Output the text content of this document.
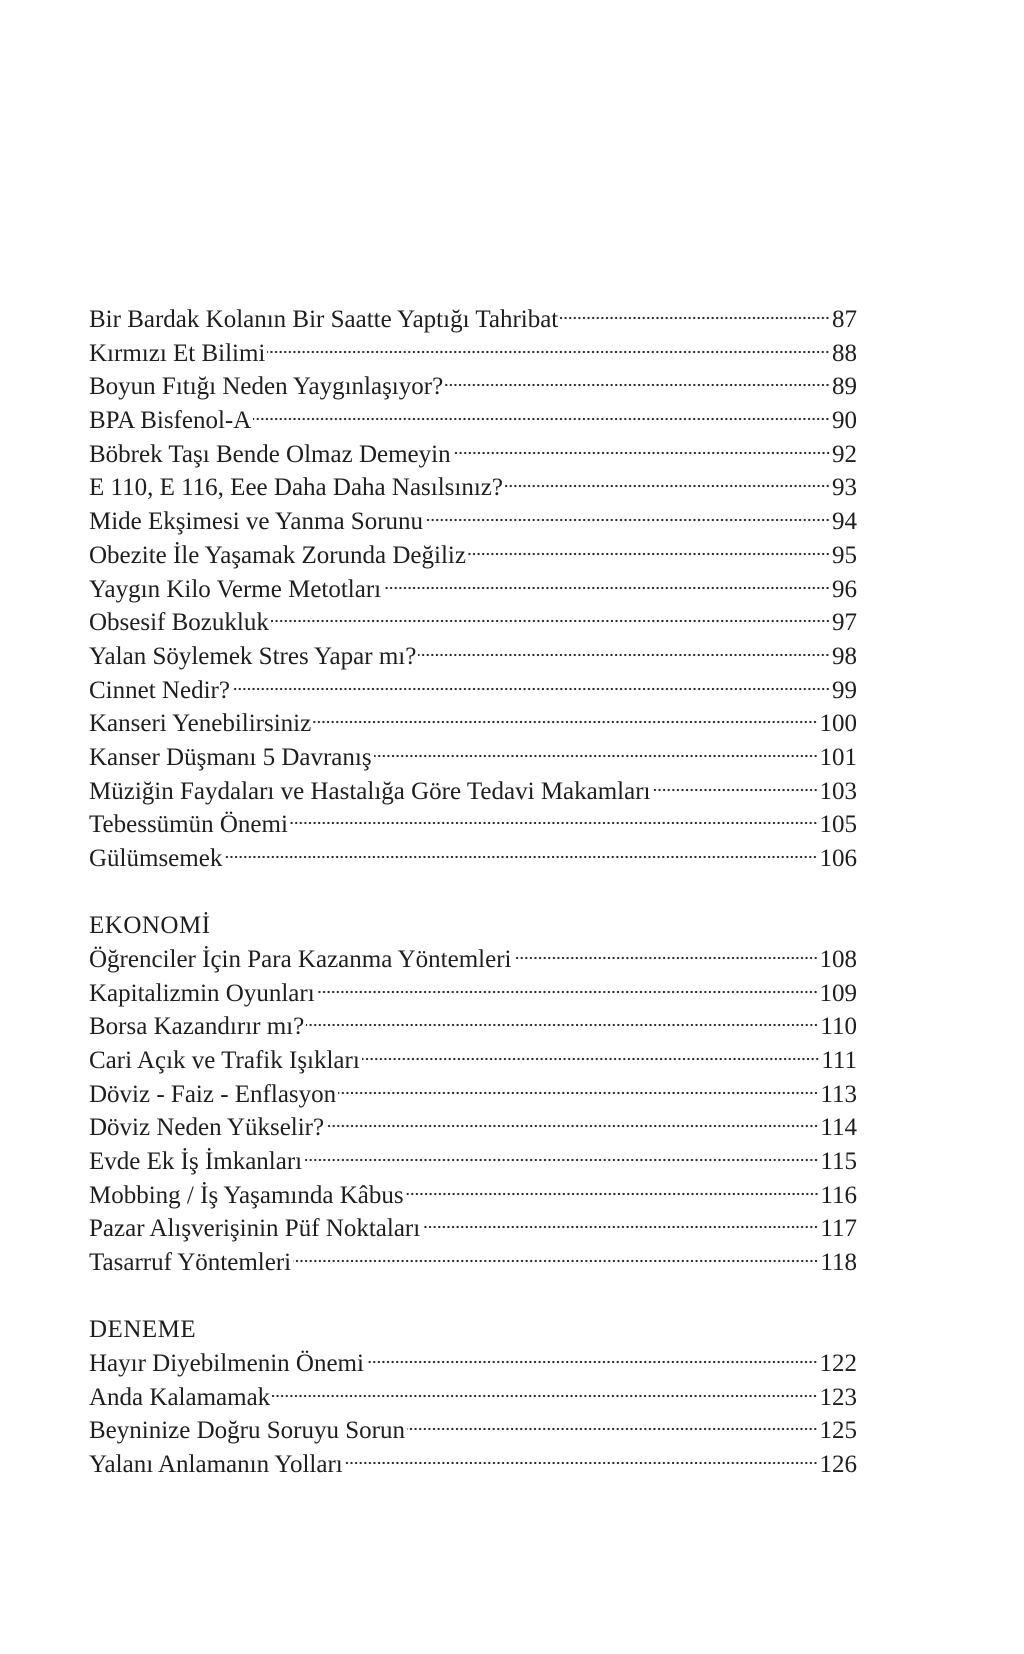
Bir Bardak Kolanın Bir Saatte Yaptığı Tahribat	87
Kırmızı Et Bilimi	88
Boyun Fıtığı Neden Yaygınlaşıyor?	89
BPA Bisfenol-A	90
Böbrek Taşı Bende Olmaz Demeyin	92
E 110, E 116, Eee Daha Daha Nasılsınız?	93
Mide Ekşimesi ve Yanma Sorunu	94
Obezite İle Yaşamak Zorunda Değiliz	95
Yaygın Kilo Verme Metotları	96
Obsesif Bozukluk	97
Yalan Söylemek Stres Yapar mı?	98
Cinnet Nedir?	99
Kanseri Yenebilirsiniz	100
Kanser Düşmanı 5 Davranış	101
Müziğin Faydaları ve Hastalığa Göre Tedavi Makamları	103
Tebessümün Önemi	105
Gülümsemek	106
EKONOMİ
Öğrenciler İçin Para Kazanma Yöntemleri	108
Kapitalizmin Oyunları	109
Borsa Kazandırır mı?	110
Cari Açık ve Trafik Işıkları	111
Döviz - Faiz - Enflasyon	113
Döviz Neden Yükselir?	114
Evde Ek İş İmkanları	115
Mobbing / İş Yaşamında Kâbus	116
Pazar Alışverişinin Püf Noktaları	117
Tasarruf Yöntemleri	118
DENEME
Hayır Diyebilmenin Önemi	122
Anda Kalamamak	123
Beyninize Doğru Soruyu Sorun	125
Yalanı Anlamanın Yolları	126
